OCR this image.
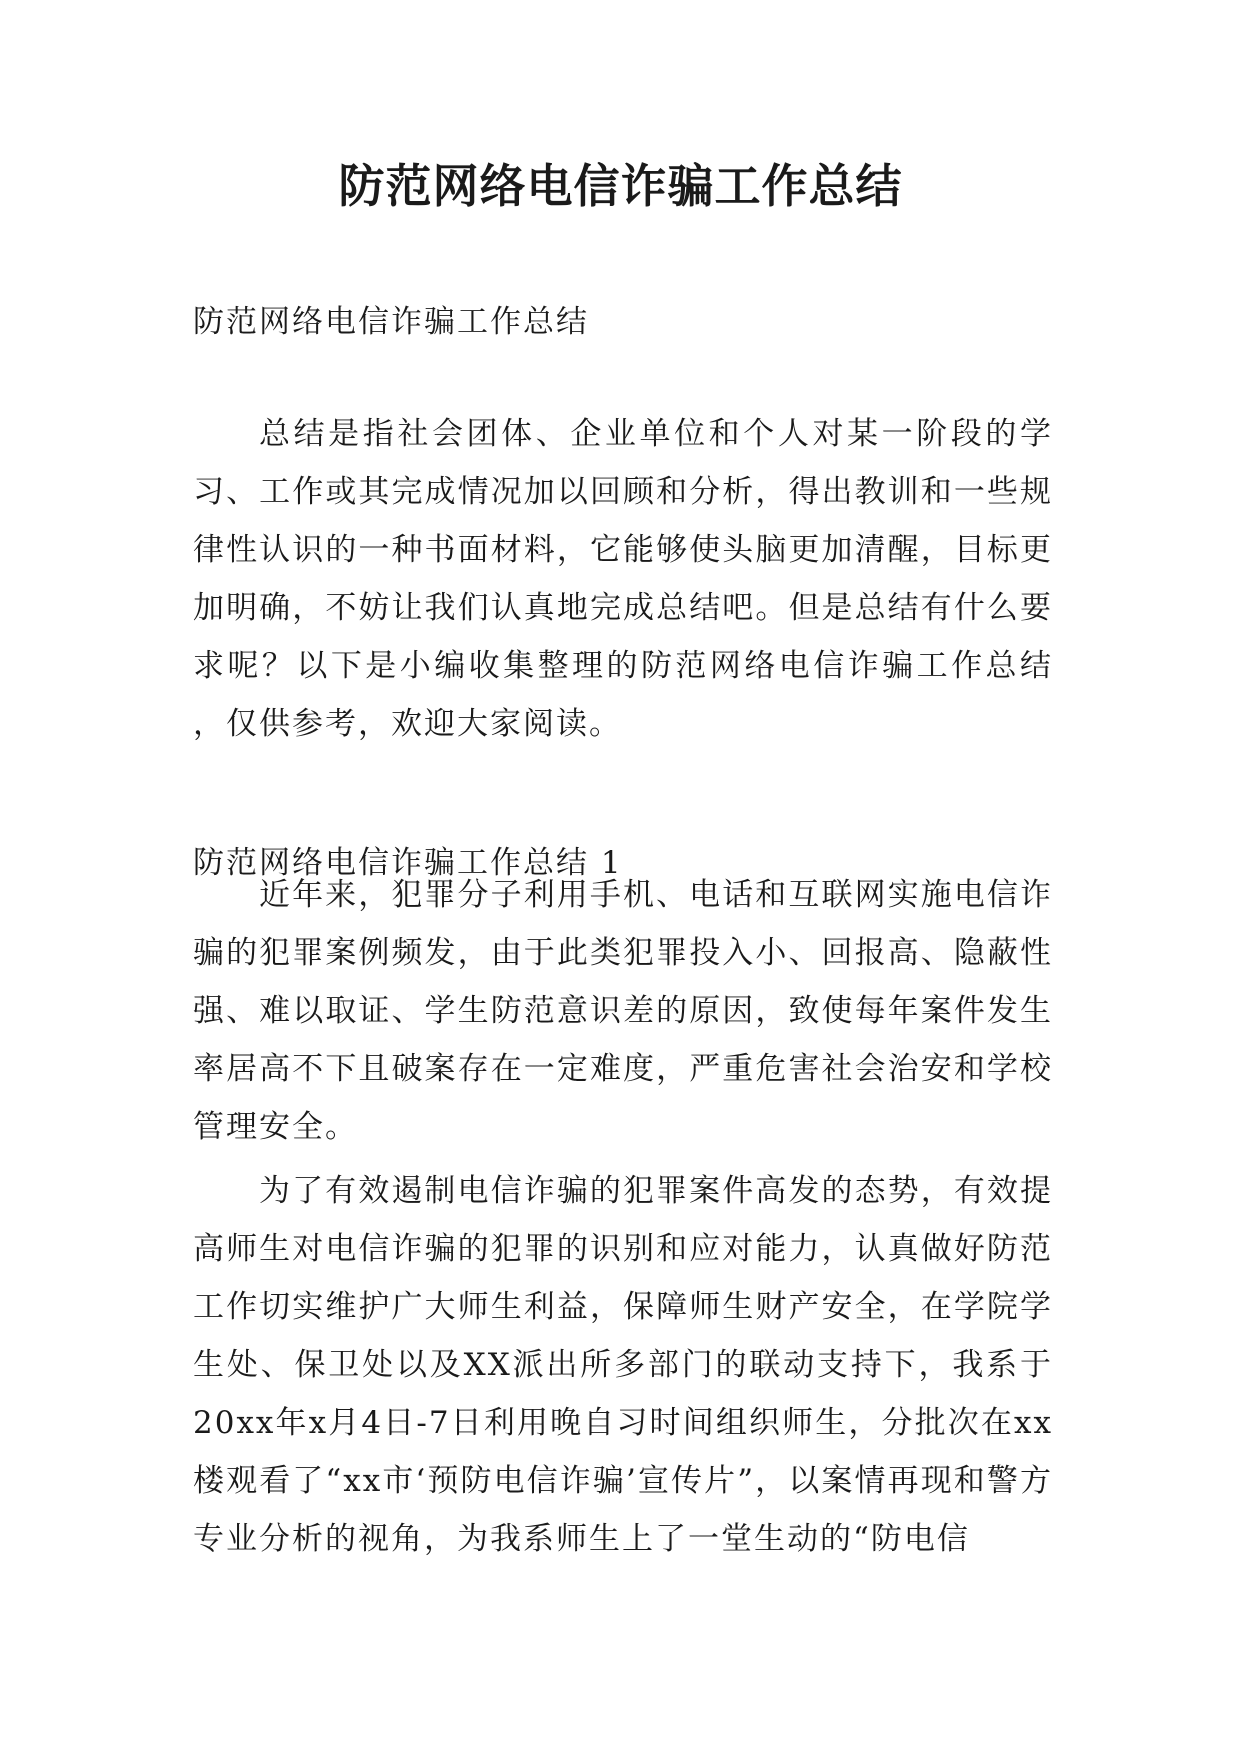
防范网络电信诈骗工作总结

防范网络电信诈骗工作总结

总结是指社会团体、企业单位和个人对某一阶段的学习、工作或其完成情况加以回顾和分析，得出教训和一些规律性认识的一种书面材料，它能够使头脑更加清醒，目标更加明确，不妨让我们认真地完成总结吧。但是总结有什么要求呢？以下是小编收集整理的防范网络电信诈骗工作总结 ，仅供参考，欢迎大家阅读。

防范网络电信诈骗工作总结 1

近年来，犯罪分子利用手机、电话和互联网实施电信诈骗的犯罪案例频发，由于此类犯罪投入小、回报高、隐蔽性强、难以取证、学生防范意识差的原因，致使每年案件发生率居高不下且破案存在一定难度，严重危害社会治安和学校管理安全。

为了有效遏制电信诈骗的犯罪案件高发的态势，有效提高师生对电信诈骗的犯罪的识别和应对能力，认真做好防范工作切实维护广大师生利益，保障师生财产安全，在学院学生处、保卫处以及XX派出所多部门的联动支持下，我系于20xx年x月4日-7日利用晚自习时间组织师生，分批次在xx楼观看了“xx市‘预防电信诈骗’宣传片”，以案情再现和警方专业分析的视角，为我系师生上了一堂生动的“防电信
